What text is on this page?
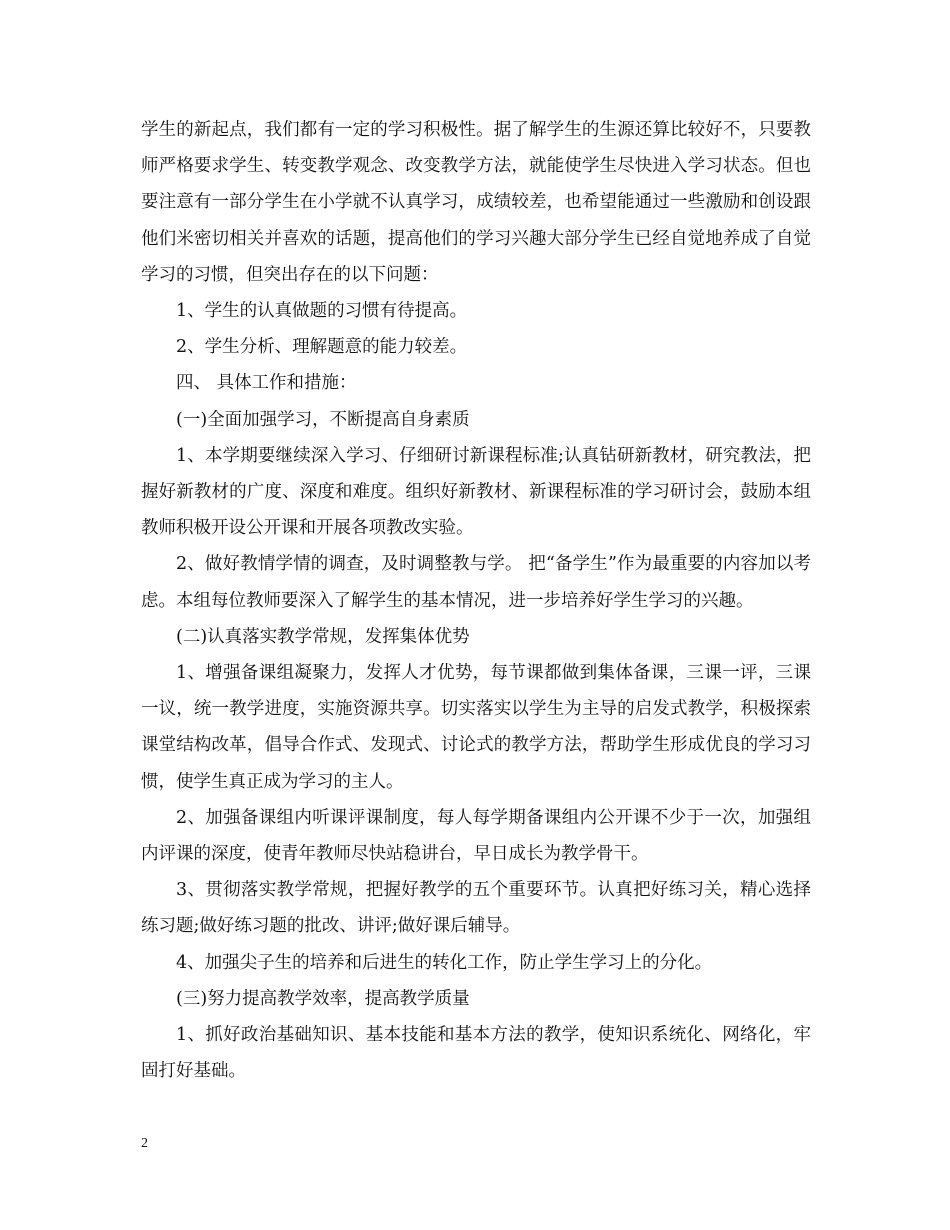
学生的新起点，我们都有一定的学习积极性。据了解学生的生源还算比较好不，只要教师严格要求学生、转变教学观念、改变教学方法，就能使学生尽快进入学习状态。但也要注意有一部分学生在小学就不认真学习，成绩较差，也希望能通过一些激励和创设跟他们米密切相关并喜欢的话题，提高他们的学习兴趣大部分学生已经自觉地养成了自觉学习的习惯，但突出存在的以下问题：

1、学生的认真做题的习惯有待提高。

2、学生分析、理解题意的能力较差。

四、 具体工作和措施：

(一)全面加强学习，不断提高自身素质

1、本学期要继续深入学习、仔细研讨新课程标准;认真钻研新教材，研究教法，把握好新教材的广度、深度和难度。组织好新教材、新课程标准的学习研讨会，鼓励本组教师积极开设公开课和开展各项教改实验。

2、做好教情学情的调查，及时调整教与学。 把“备学生”作为最重要的内容加以考虑。本组每位教师要深入了解学生的基本情况，进一步培养好学生学习的兴趣。

(二)认真落实教学常规，发挥集体优势

1、增强备课组凝聚力，发挥人才优势，每节课都做到集体备课，三课一评，三课一议，统一教学进度，实施资源共享。切实落实以学生为主导的启发式教学，积极探索课堂结构改革，倡导合作式、发现式、讨论式的教学方法，帮助学生形成优良的学习习惯，使学生真正成为学习的主人。

2、加强备课组内听课评课制度，每人每学期备课组内公开课不少于一次，加强组内评课的深度，使青年教师尽快站稳讲台，早日成长为教学骨干。

3、贯彻落实教学常规，把握好教学的五个重要环节。认真把好练习关，精心选择练习题;做好练习题的批改、讲评;做好课后辅导。

4、加强尖子生的培养和后进生的转化工作，防止学生学习上的分化。

(三)努力提高教学效率，提高教学质量

1、抓好政治基础知识、基本技能和基本方法的教学，使知识系统化、网络化，牢固打好基础。

2
